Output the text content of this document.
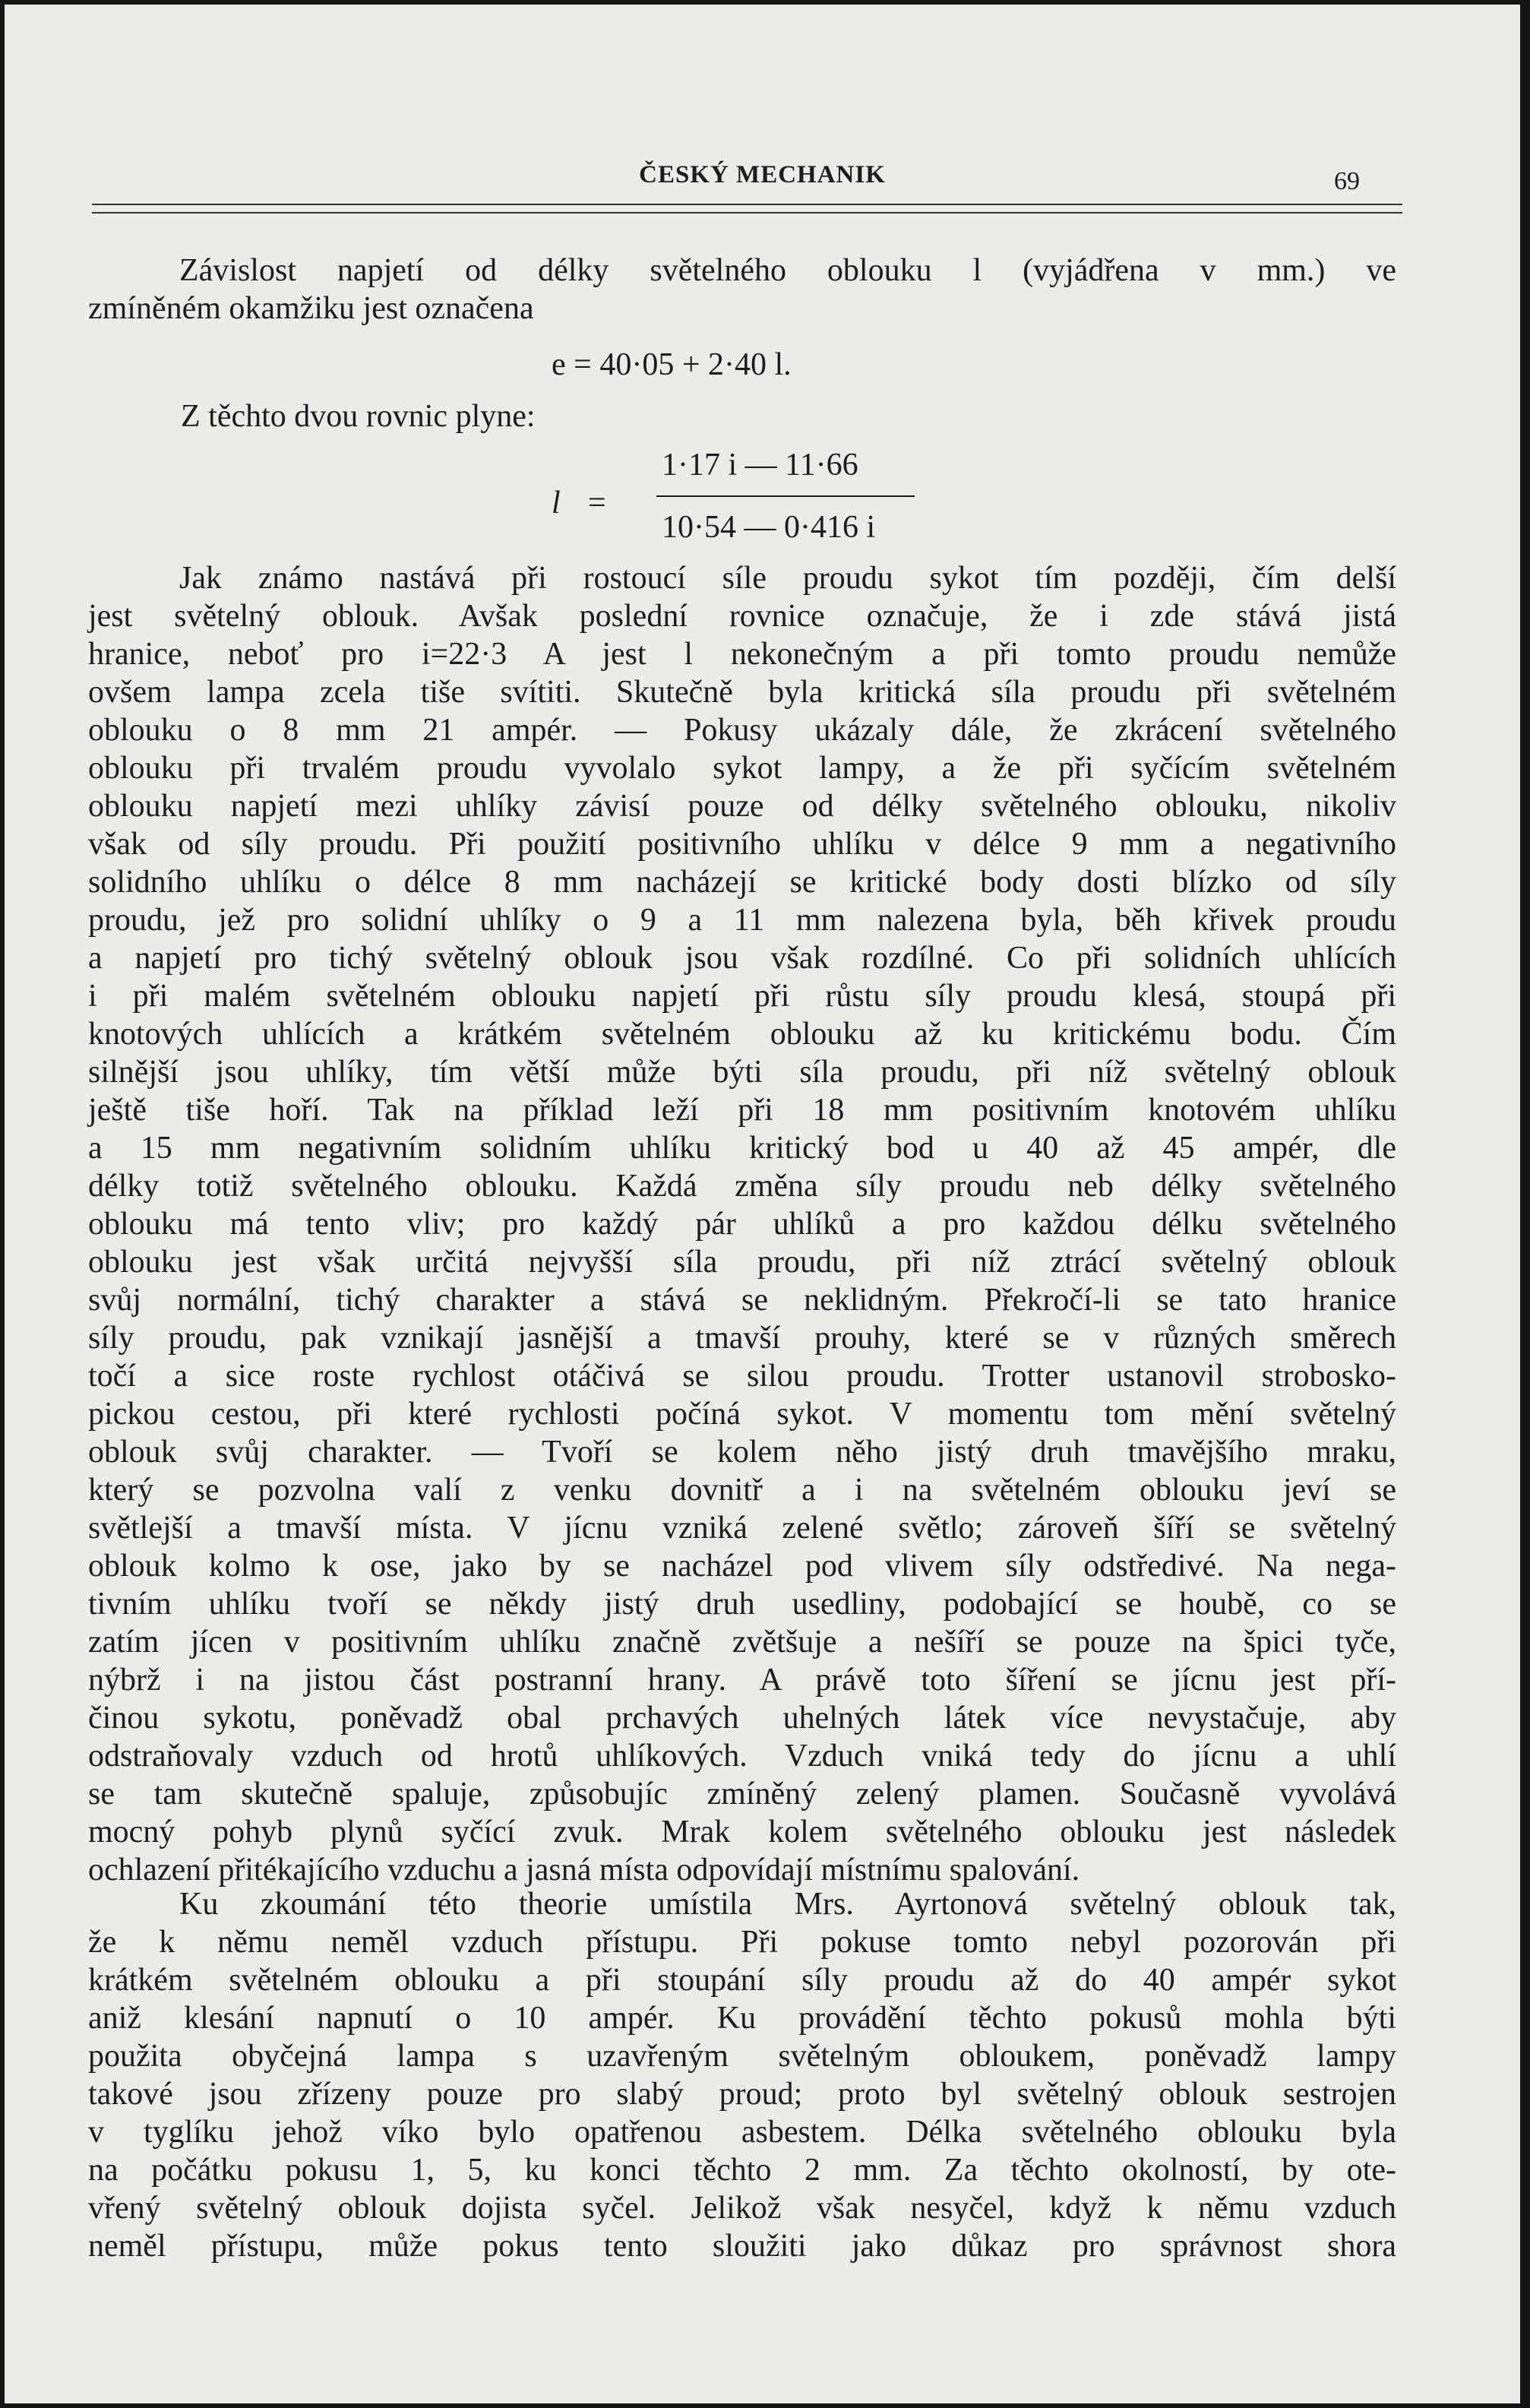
ČESKÝ MECHANIK	69
Závislost napjetí od délky světelného oblouku l (vyjádřena v mm.) ve
zmíněném okamžiku jest označena
e = 40·05 + 2·40 l.
Z těchto dvou rovnic plyne:
l =
1·17 i — 11·66
10·54 — 0·416 i
Jak známo nastává při rostoucí síle proudu sykot tím později, čím delší
jest světelný oblouk. Avšak poslední rovnice označuje, že i zde stává jistá
hranice, neboť pro i=22·3 A jest l nekonečným a při tomto proudu nemůže
ovšem lampa zcela tiše svítiti. Skutečně byla kritická síla proudu při světelném
oblouku o 8 mm 21 ampér. — Pokusy ukázaly dále, že zkrácení světelného
oblouku při trvalém proudu vyvolalo sykot lampy, a že při syčícím světelném
oblouku napjetí mezi uhlíky závisí pouze od délky světelného oblouku, nikoliv
však od síly proudu. Při použití positivního uhlíku v délce 9 mm a negativního
solidního uhlíku o délce 8 mm nacházejí se kritické body dosti blízko od síly
proudu, jež pro solidní uhlíky o 9 a 11 mm nalezena byla, běh křivek proudu
a napjetí pro tichý světelný oblouk jsou však rozdílné. Co při solidních uhlících
i při malém světelném oblouku napjetí při růstu síly proudu klesá, stoupá při
knotových uhlících a krátkém světelném oblouku až ku kritickému bodu. Čím
silnější jsou uhlíky, tím větší může býti síla proudu, při níž světelný oblouk
ještě tiše hoří. Tak na příklad leží při 18 mm positivním knotovém uhlíku
a 15 mm negativním solidním uhlíku kritický bod u 40 až 45 ampér, dle
délky totiž světelného oblouku. Každá změna síly proudu neb délky světelného
oblouku má tento vliv; pro každý pár uhlíků a pro každou délku světelného
oblouku jest však určitá nejvyšší síla proudu, při níž ztrácí světelný oblouk
svůj normální, tichý charakter a stává se neklidným. Překročí-li se tato hranice
síly proudu, pak vznikají jasnější a tmavší prouhy, které se v různých směrech
točí a sice roste rychlost otáčivá se silou proudu. Trotter ustanovil strobosko-
pickou cestou, při které rychlosti počíná sykot. V momentu tom mění světelný
oblouk svůj charakter. — Tvoří se kolem něho jistý druh tmavějšího mraku,
který se pozvolna valí z venku dovnitř a i na světelném oblouku jeví se
světlejší a tmavší místa. V jícnu vzniká zelené světlo; zároveň šíří se světelný
oblouk kolmo k ose, jako by se nacházel pod vlivem síly odstředivé. Na nega-
tivním uhlíku tvoří se někdy jistý druh usedliny, podobající se houbě, co se
zatím jícen v positivním uhlíku značně zvětšuje a nešíří se pouze na špici tyče,
nýbrž i na jistou část postranní hrany. A právě toto šíření se jícnu jest pří-
činou sykotu, poněvadž obal prchavých uhelných látek více nevystačuje, aby
odstraňovaly vzduch od hrotů uhlíkových. Vzduch vniká tedy do jícnu a uhlí
se tam skutečně spaluje, způsobujíc zmíněný zelený plamen. Současně vyvolává
mocný pohyb plynů syčící zvuk. Mrak kolem světelného oblouku jest následek
ochlazení přitékajícího vzduchu a jasná místa odpovídají místnímu spalování.
Ku zkoumání této theorie umístila Mrs. Ayrtonová světelný oblouk tak,
že k němu neměl vzduch přístupu. Při pokuse tomto nebyl pozorován při
krátkém světelném oblouku a při stoupání síly proudu až do 40 ampér sykot
aniž klesání napnutí o 10 ampér. Ku provádění těchto pokusů mohla býti
použita obyčejná lampa s uzavřeným světelným obloukem, poněvadž lampy
takové jsou zřízeny pouze pro slabý proud; proto byl světelný oblouk sestrojen
v tyglíku jehož víko bylo opatřenou asbestem. Délka světelného oblouku byla
na počátku pokusu 1, 5, ku konci těchto 2 mm. Za těchto okolností, by ote-
vřený světelný oblouk dojista syčel. Jelikož však nesyčel, když k němu vzduch
neměl přístupu, může pokus tento sloužiti jako důkaz pro správnost shora
